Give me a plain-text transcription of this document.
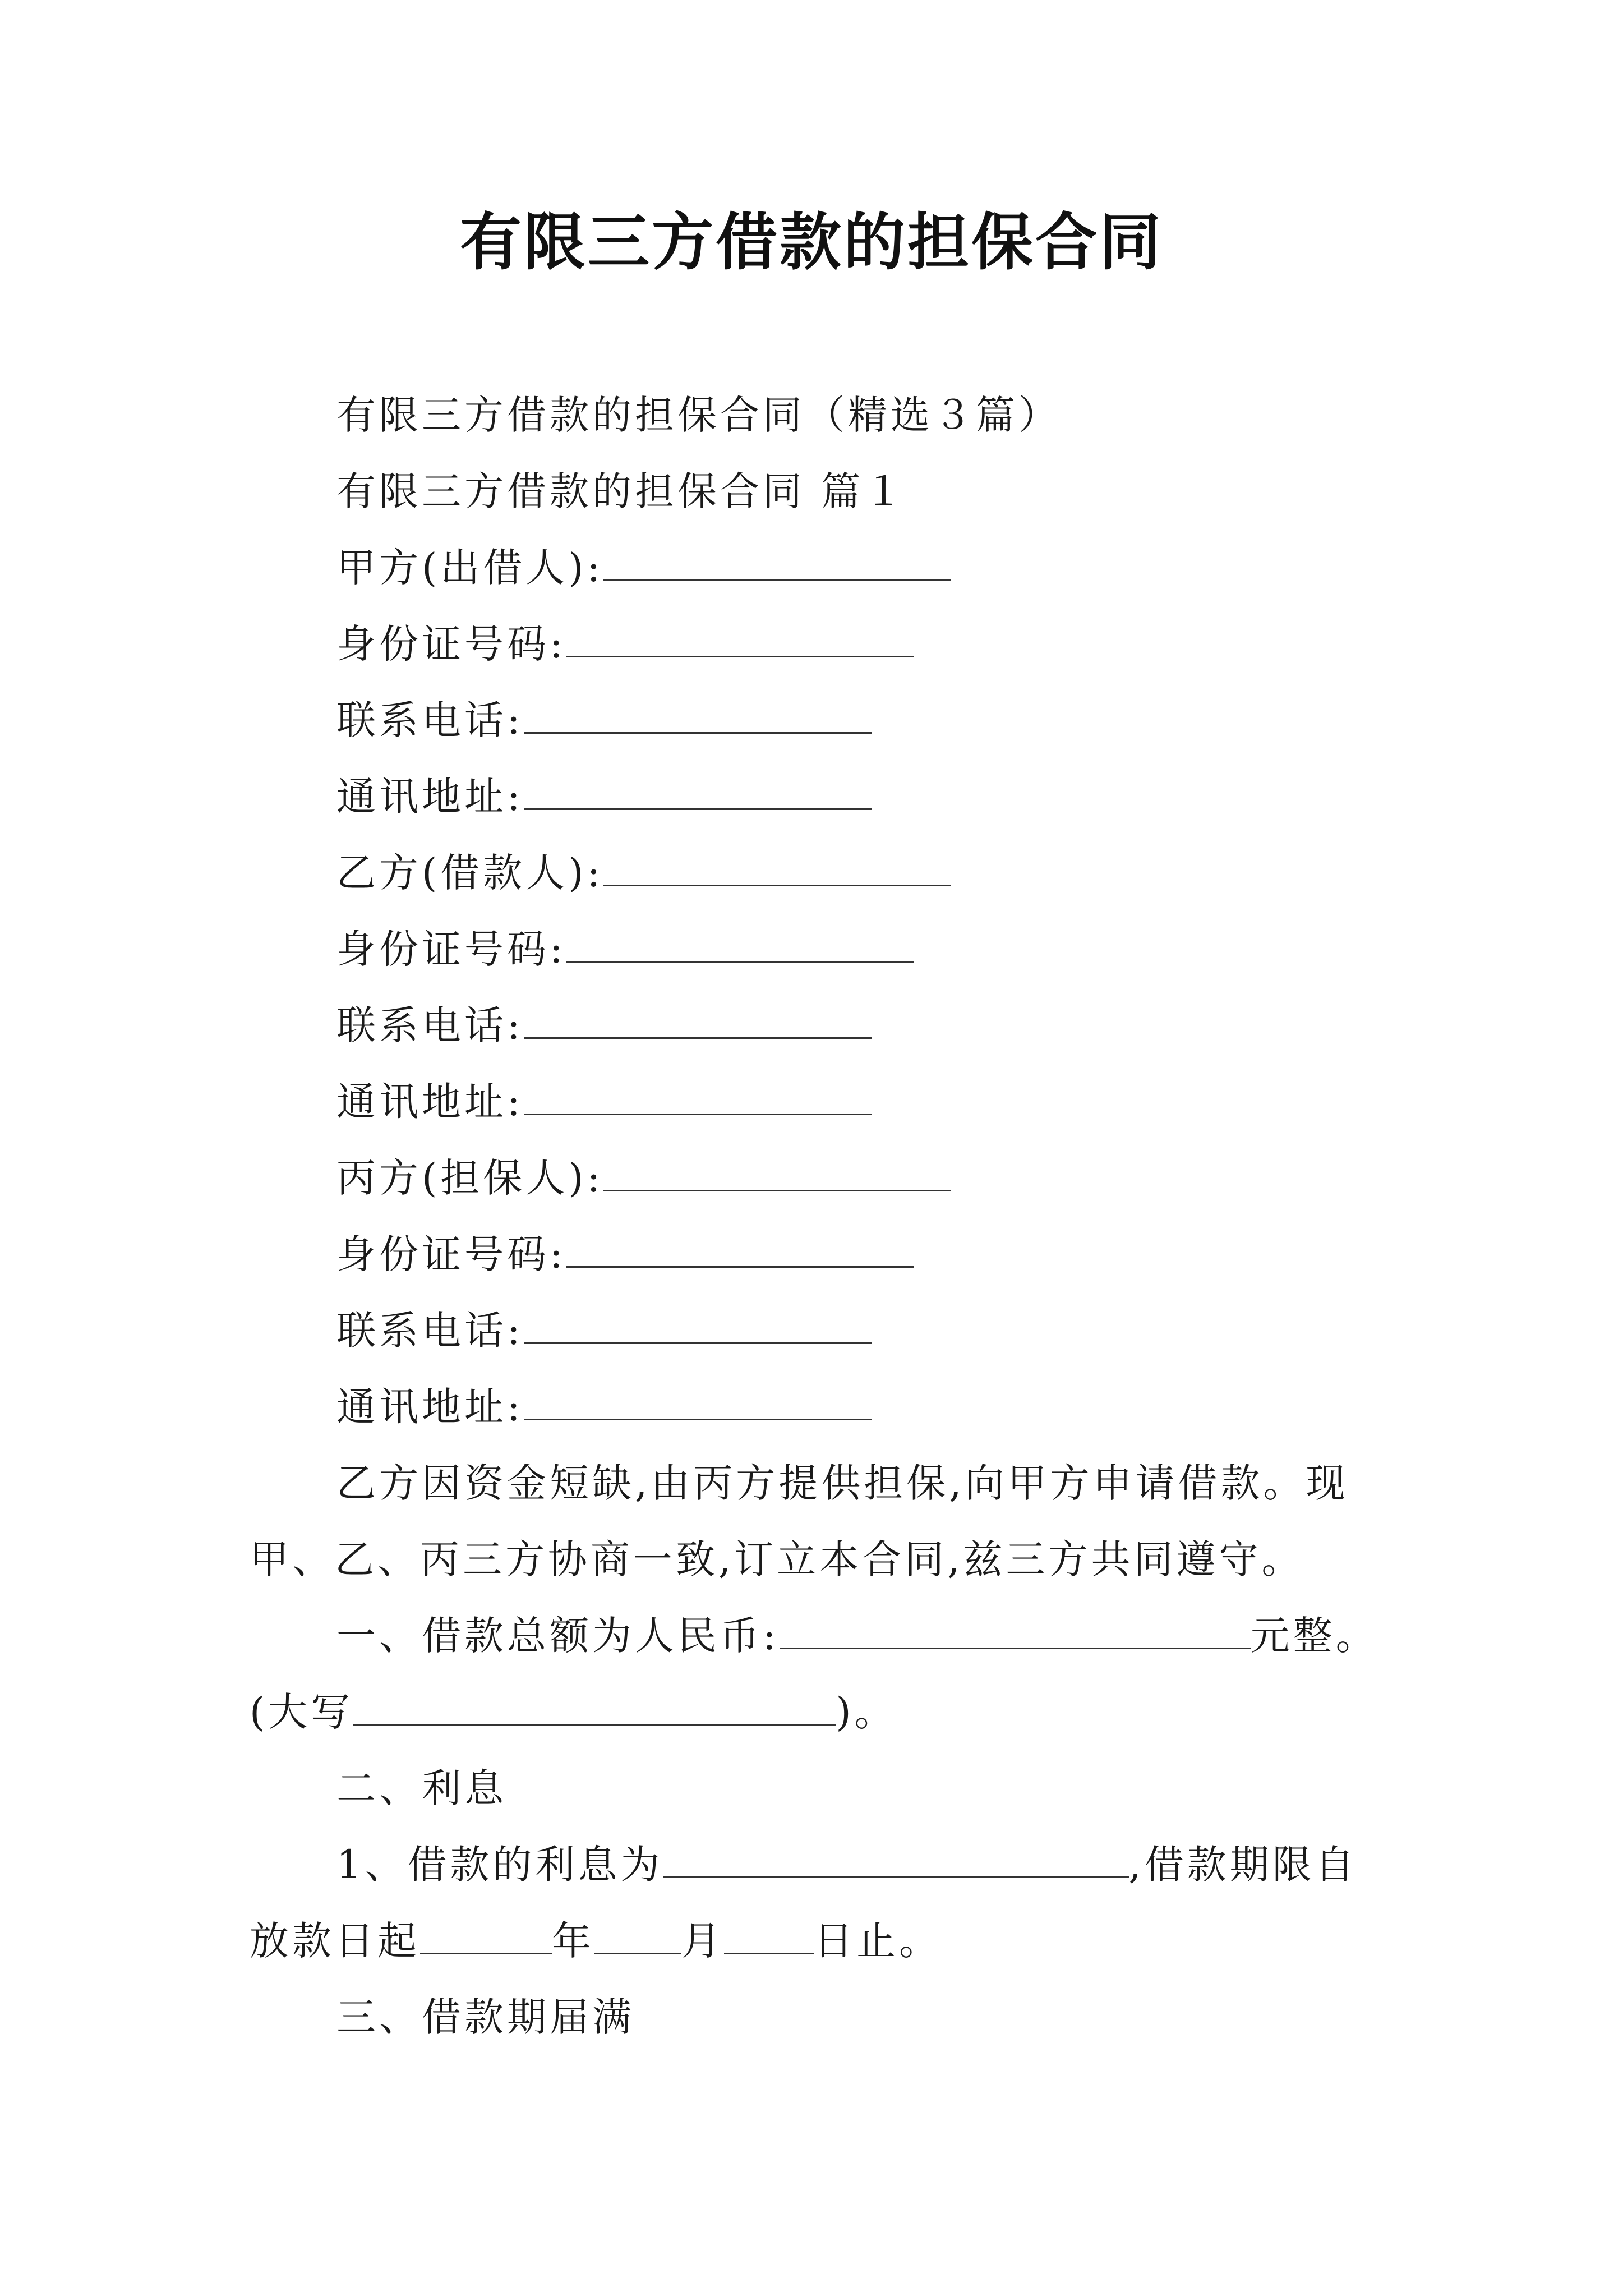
有限三方借款的担保合同
有限三方借款的担保合同（精选３篇）
有限三方借款的担保合同 篇１
甲方(出借人):
身份证号码:
联系电话:
通讯地址:
乙方(借款人):
身份证号码:
联系电话:
通讯地址:
丙方(担保人):
身份证号码:
联系电话:
通讯地址:
乙方因资金短缺,由丙方提供担保,向甲方申请借款。现
甲、乙、丙三方协商一致,订立本合同,兹三方共同遵守。
一、借款总额为人民币:	元整。
(大写	)。
二、利息
1、借款的利息为	,借款期限自
放款日起	年 月 日止。
三、借款期届满
